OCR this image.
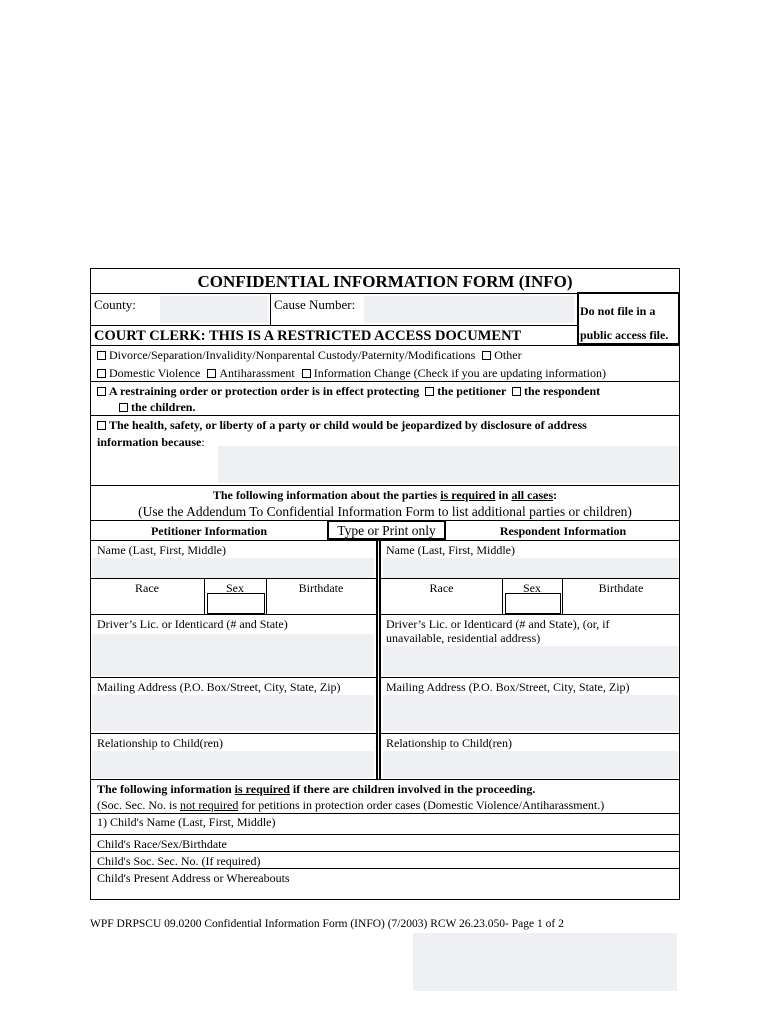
CONFIDENTIAL INFORMATION FORM (INFO)
County:	Cause Number:	Do not file in a
public access file.
COURT CLERK: THIS IS A RESTRICTED ACCESS DOCUMENT
Divorce/Separation/Invalidity/Nonparental Custody/Paternity/Modifications Other
Domestic Violence Antiharassment Information Change (Check if you are updating information)
A restraining order or protection order is in effect protecting the petitioner the respondent
the children.
The health, safety, or liberty of a party or child would be jeopardized by disclosure of address
information because:
The following information about the parties is required in all cases:
(Use the Addendum To Confidential Information Form to list additional parties or children)
Petitioner Information	Type or Print only	Respondent Information
Name (Last, First, Middle)
Race	Sex	Birthdate
Driver’s Lic. or Identicard (# and State)
Mailing Address (P.O. Box/Street, City, State, Zip)
Relationship to Child(ren)
Name (Last, First, Middle)
Race	Sex	Birthdate
Driver’s Lic. or Identicard (# and State), (or, if
unavailable, residential address)
Mailing Address (P.O. Box/Street, City, State, Zip)
Relationship to Child(ren)
The following information is required if there are children involved in the proceeding.
(Soc. Sec. No. is not required for petitions in protection order cases (Domestic Violence/Antiharassment.)
1) Child's Name (Last, First, Middle)
Child's Race/Sex/Birthdate
Child's Soc. Sec. No. (If required)
Child's Present Address or Whereabouts
WPF DRPSCU 09.0200 Confidential Information Form (INFO) (7/2003) RCW 26.23.050- Page 1 of 2
